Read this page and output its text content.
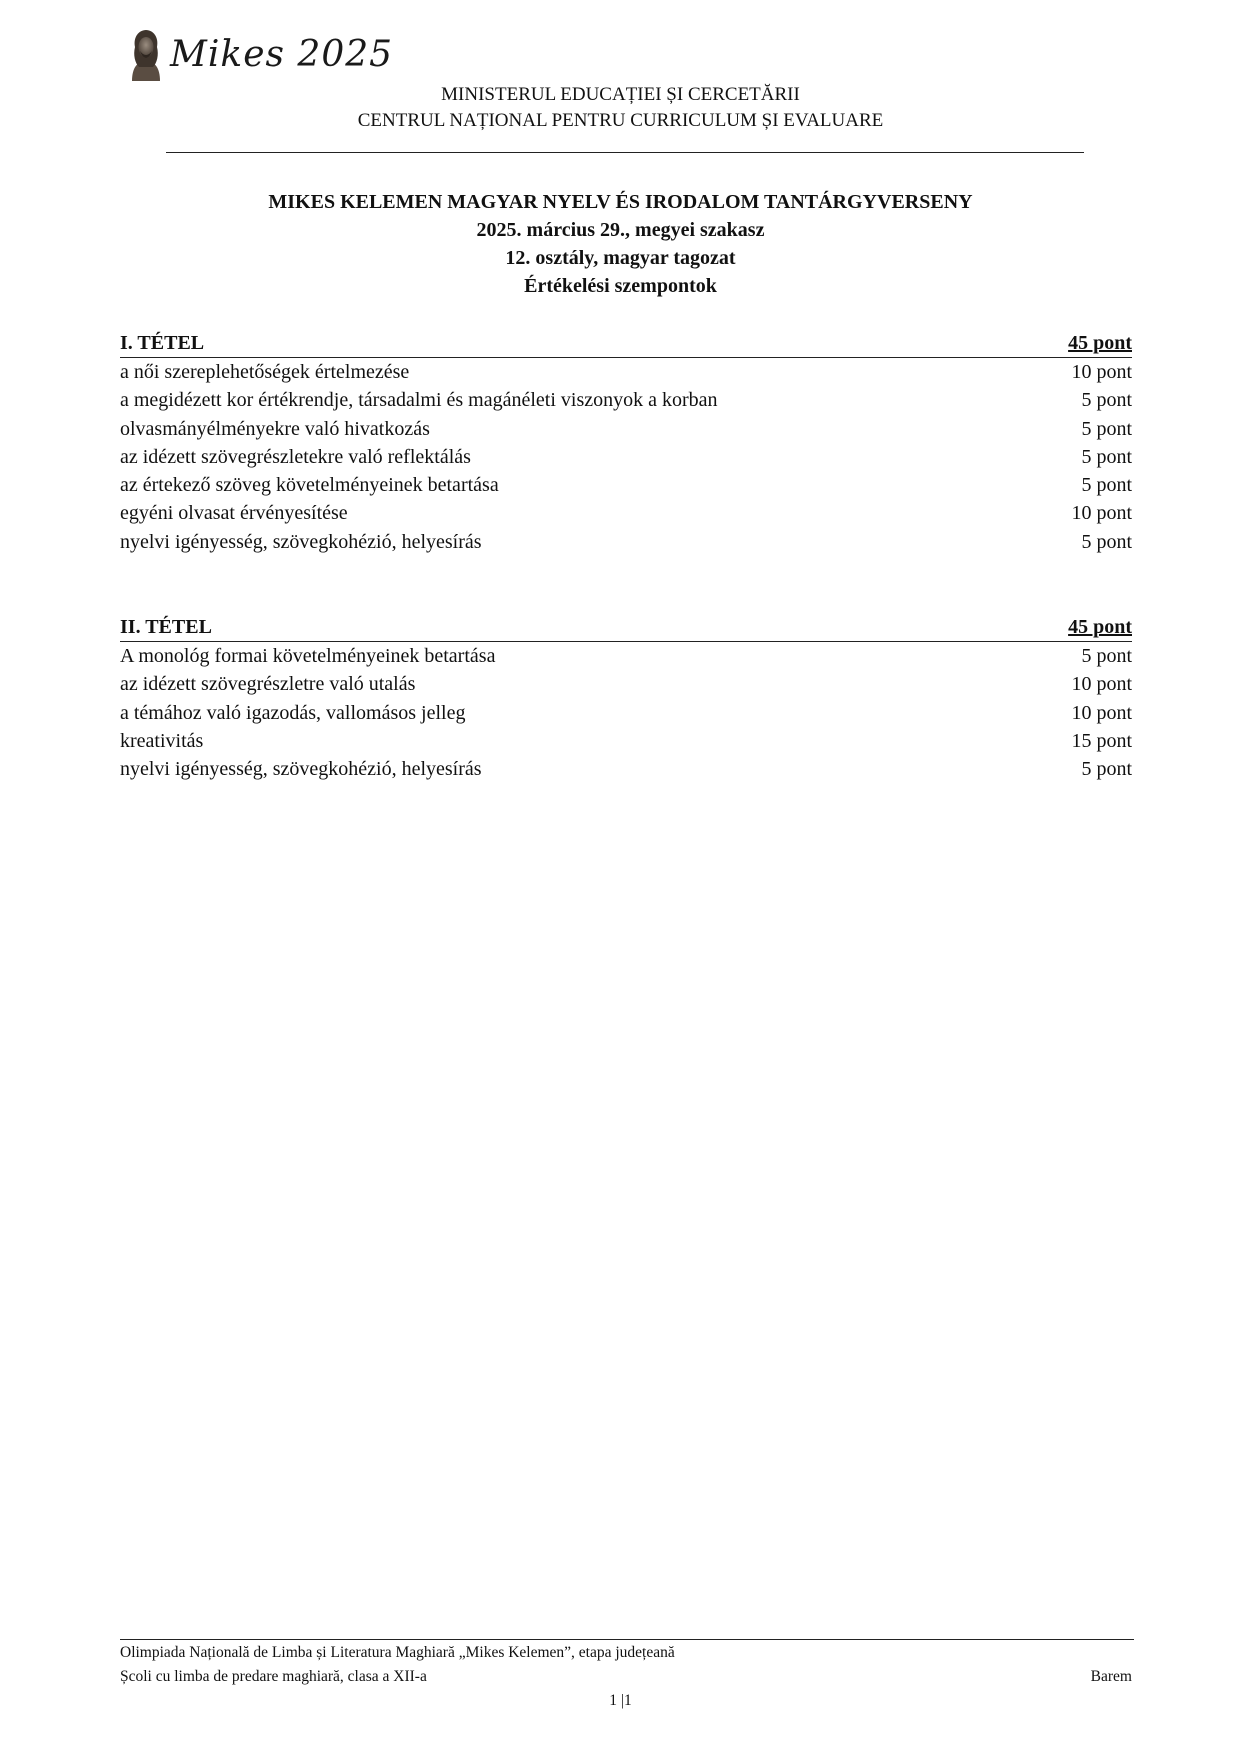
Mikes 2025
MINISTERUL EDUCAȚIEI ȘI CERCETĂRII
CENTRUL NAȚIONAL PENTRU CURRICULUM ȘI EVALUARE
MIKES KELEMEN MAGYAR NYELV ÉS IRODALOM TANTÁRGYVERSENY
2025. március 29., megyei szakasz
12. osztály, magyar tagozat
Értékelési szempontok
I. TÉTEL	45 pont
a női szereplehetőségek értelmezése	10 pont
a megidézett kor értékrendje, társadalmi és magánéleti viszonyok a korban	5 pont
olvasmányélményekre való hivatkozás	5 pont
az idézett szövegrészletekre való reflektálás	5 pont
az értekező szöveg követelményeinek betartása	5 pont
egyéni olvasat érvényesítése	10 pont
nyelvi igényesség, szövegkohézió, helyesírás	5 pont
II. TÉTEL	45 pont
A monológ formai követelményeinek betartása	5 pont
az idézett szövegrészletre való utalás	10 pont
a témához való igazodás, vallomásos jelleg	10 pont
kreativitás	15 pont
nyelvi igényesség, szövegkohézió, helyesírás	5 pont
Olimpiada Națională de Limba și Literatura Maghiară „Mikes Kelemen”, etapa județeană
Școli cu limba de predare maghiară, clasa a XII-a	Barem
1 |1
